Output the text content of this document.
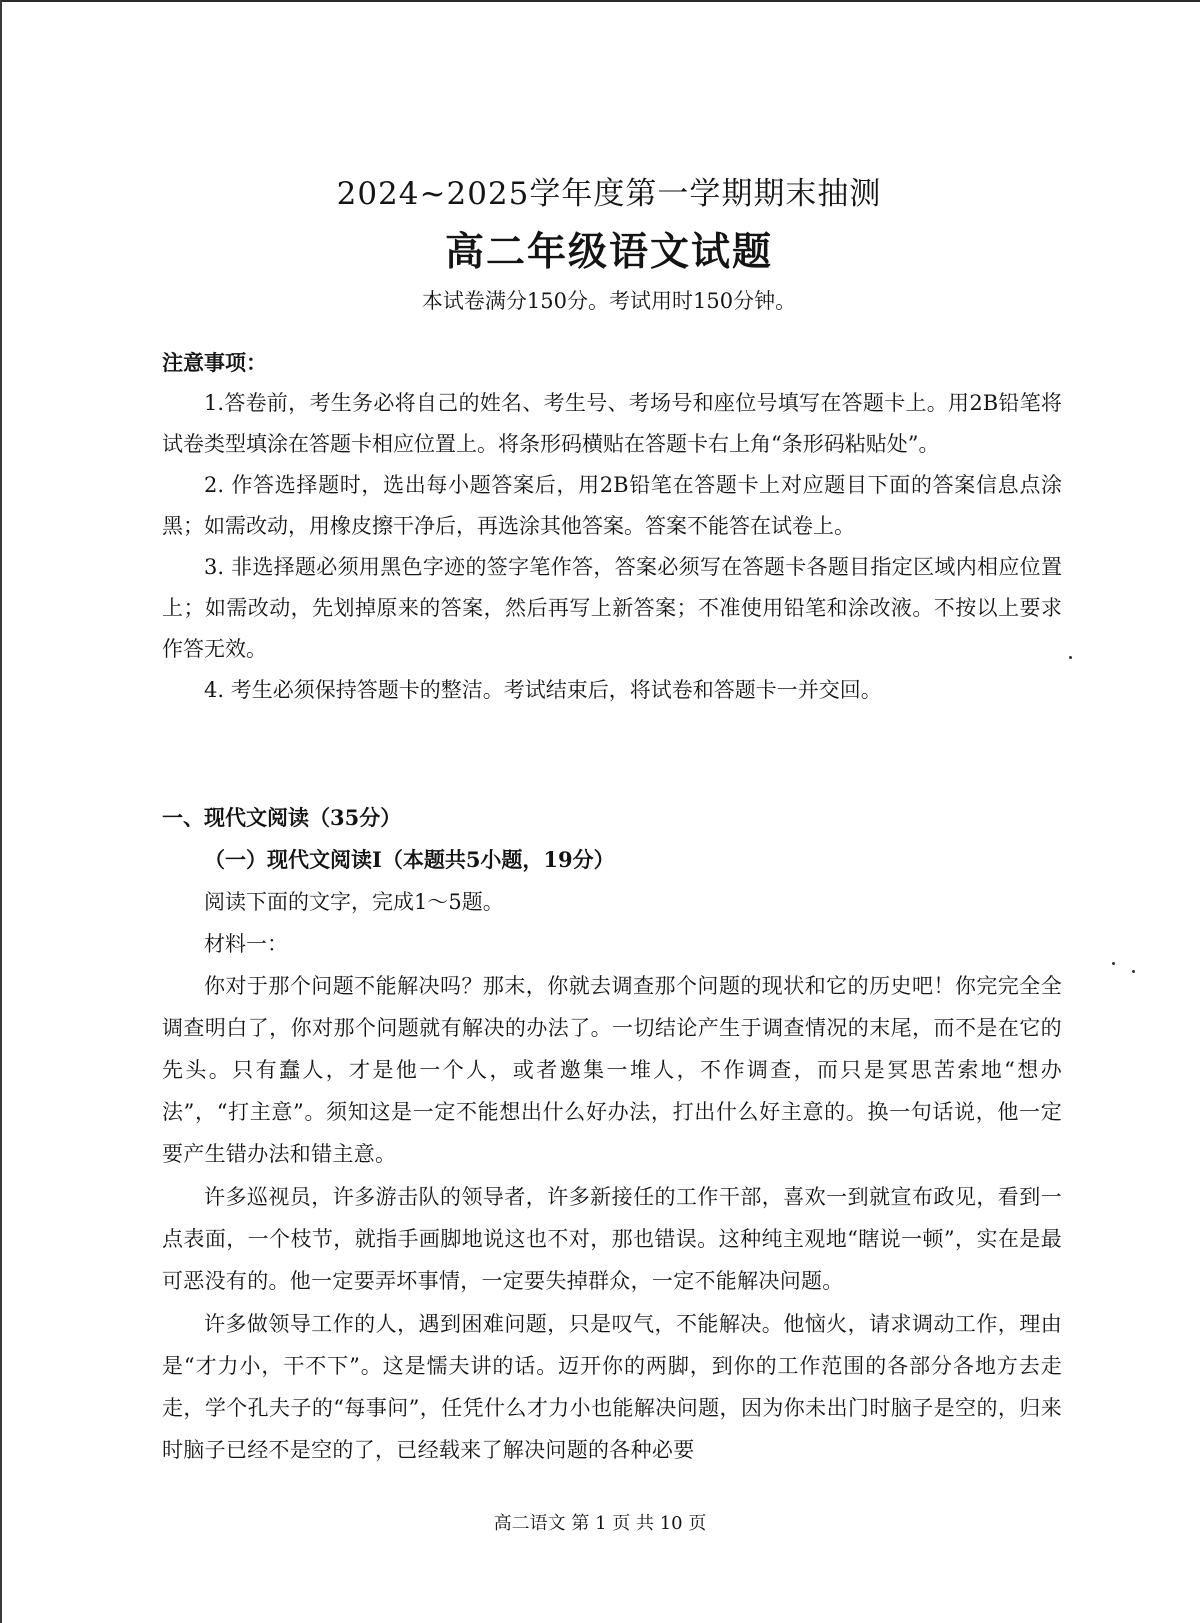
2024~2025学年度第一学期期末抽测
高二年级语文试题
本试卷满分150分。考试用时150分钟。
注意事项：

1.答卷前，考生务必将自己的姓名、考生号、考场号和座位号填写在答题卡上。用2B铅笔将试卷类型填涂在答题卡相应位置上。将条形码横贴在答题卡右上角“条形码粘贴处”。

2. 作答选择题时，选出每小题答案后，用2B铅笔在答题卡上对应题目下面的答案信息点涂黑；如需改动，用橡皮擦干净后，再选涂其他答案。答案不能答在试卷上。

3. 非选择题必须用黑色字迹的签字笔作答，答案必须写在答题卡各题目指定区域内相应位置上；如需改动，先划掉原来的答案，然后再写上新答案；不准使用铅笔和涂改液。不按以上要求作答无效。

4. 考生必须保持答题卡的整洁。考试结束后，将试卷和答题卡一并交回。

一、现代文阅读（35分）
（一）现代文阅读Ⅰ（本题共5小题，19分）
阅读下面的文字，完成1～5题。
材料一：

你对于那个问题不能解决吗？那末，你就去调查那个问题的现状和它的历史吧！你完完全全调查明白了，你对那个问题就有解决的办法了。一切结论产生于调查情况的末尾，而不是在它的先头。只有蠢人，才是他一个人，或者邀集一堆人，不作调查，而只是冥思苦索地“想办法”，“打主意”。须知这是一定不能想出什么好办法，打出什么好主意的。换一句话说，他一定要产生错办法和错主意。

许多巡视员，许多游击队的领导者，许多新接任的工作干部，喜欢一到就宣布政见，看到一点表面，一个枝节，就指手画脚地说这也不对，那也错误。这种纯主观地“瞎说一顿”，实在是最可恶没有的。他一定要弄坏事情，一定要失掉群众，一定不能解决问题。

许多做领导工作的人，遇到困难问题，只是叹气，不能解决。他恼火，请求调动工作，理由是“才力小，干不下”。这是懦夫讲的话。迈开你的两脚，到你的工作范围的各部分各地方去走走，学个孔夫子的“每事问”，任凭什么才力小也能解决问题，因为你未出门时脑子是空的，归来时脑子已经不是空的了，已经载来了解决问题的各种必要

高二语文 第 1 页 共 10 页
